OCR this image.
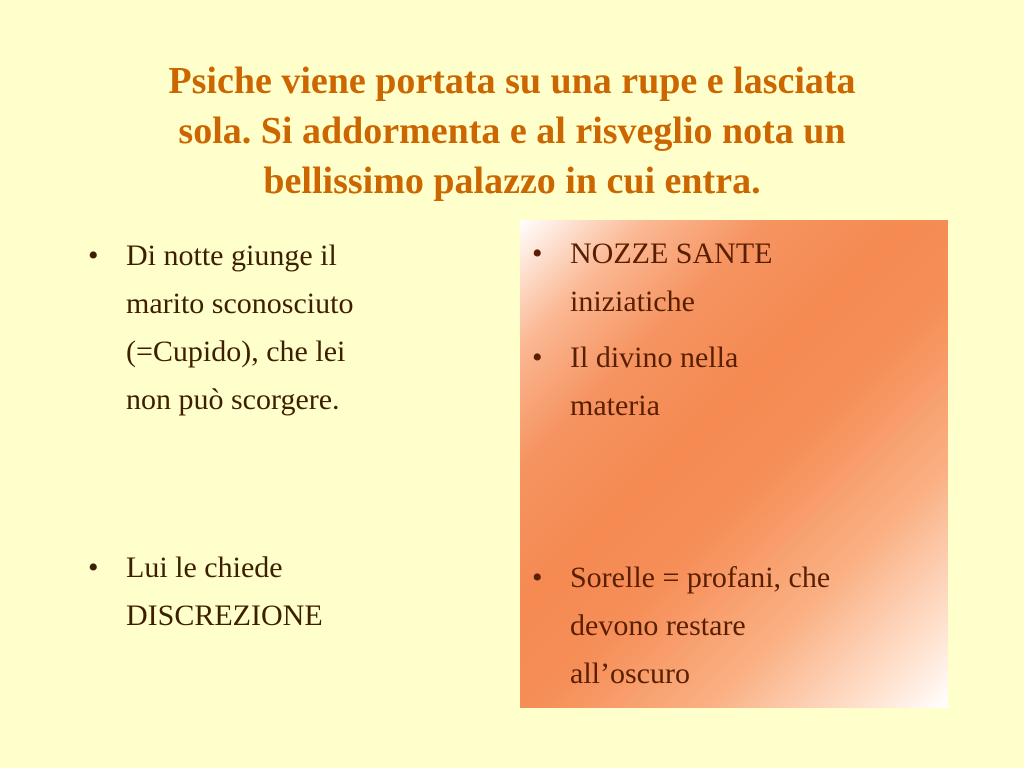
Psiche viene portata su una rupe e lasciata
sola. Si addormenta e al risveglio nota un
bellissimo palazzo in cui entra.
• Di notte giunge il
marito sconosciuto
(=Cupido), che lei
non può scorgere.
• Lui le chiede
DISCREZIONE
• NOZZE SANTE
iniziatiche
• Il divino nella
materia
• Sorelle = profani, che
devono restare
all’oscuro
